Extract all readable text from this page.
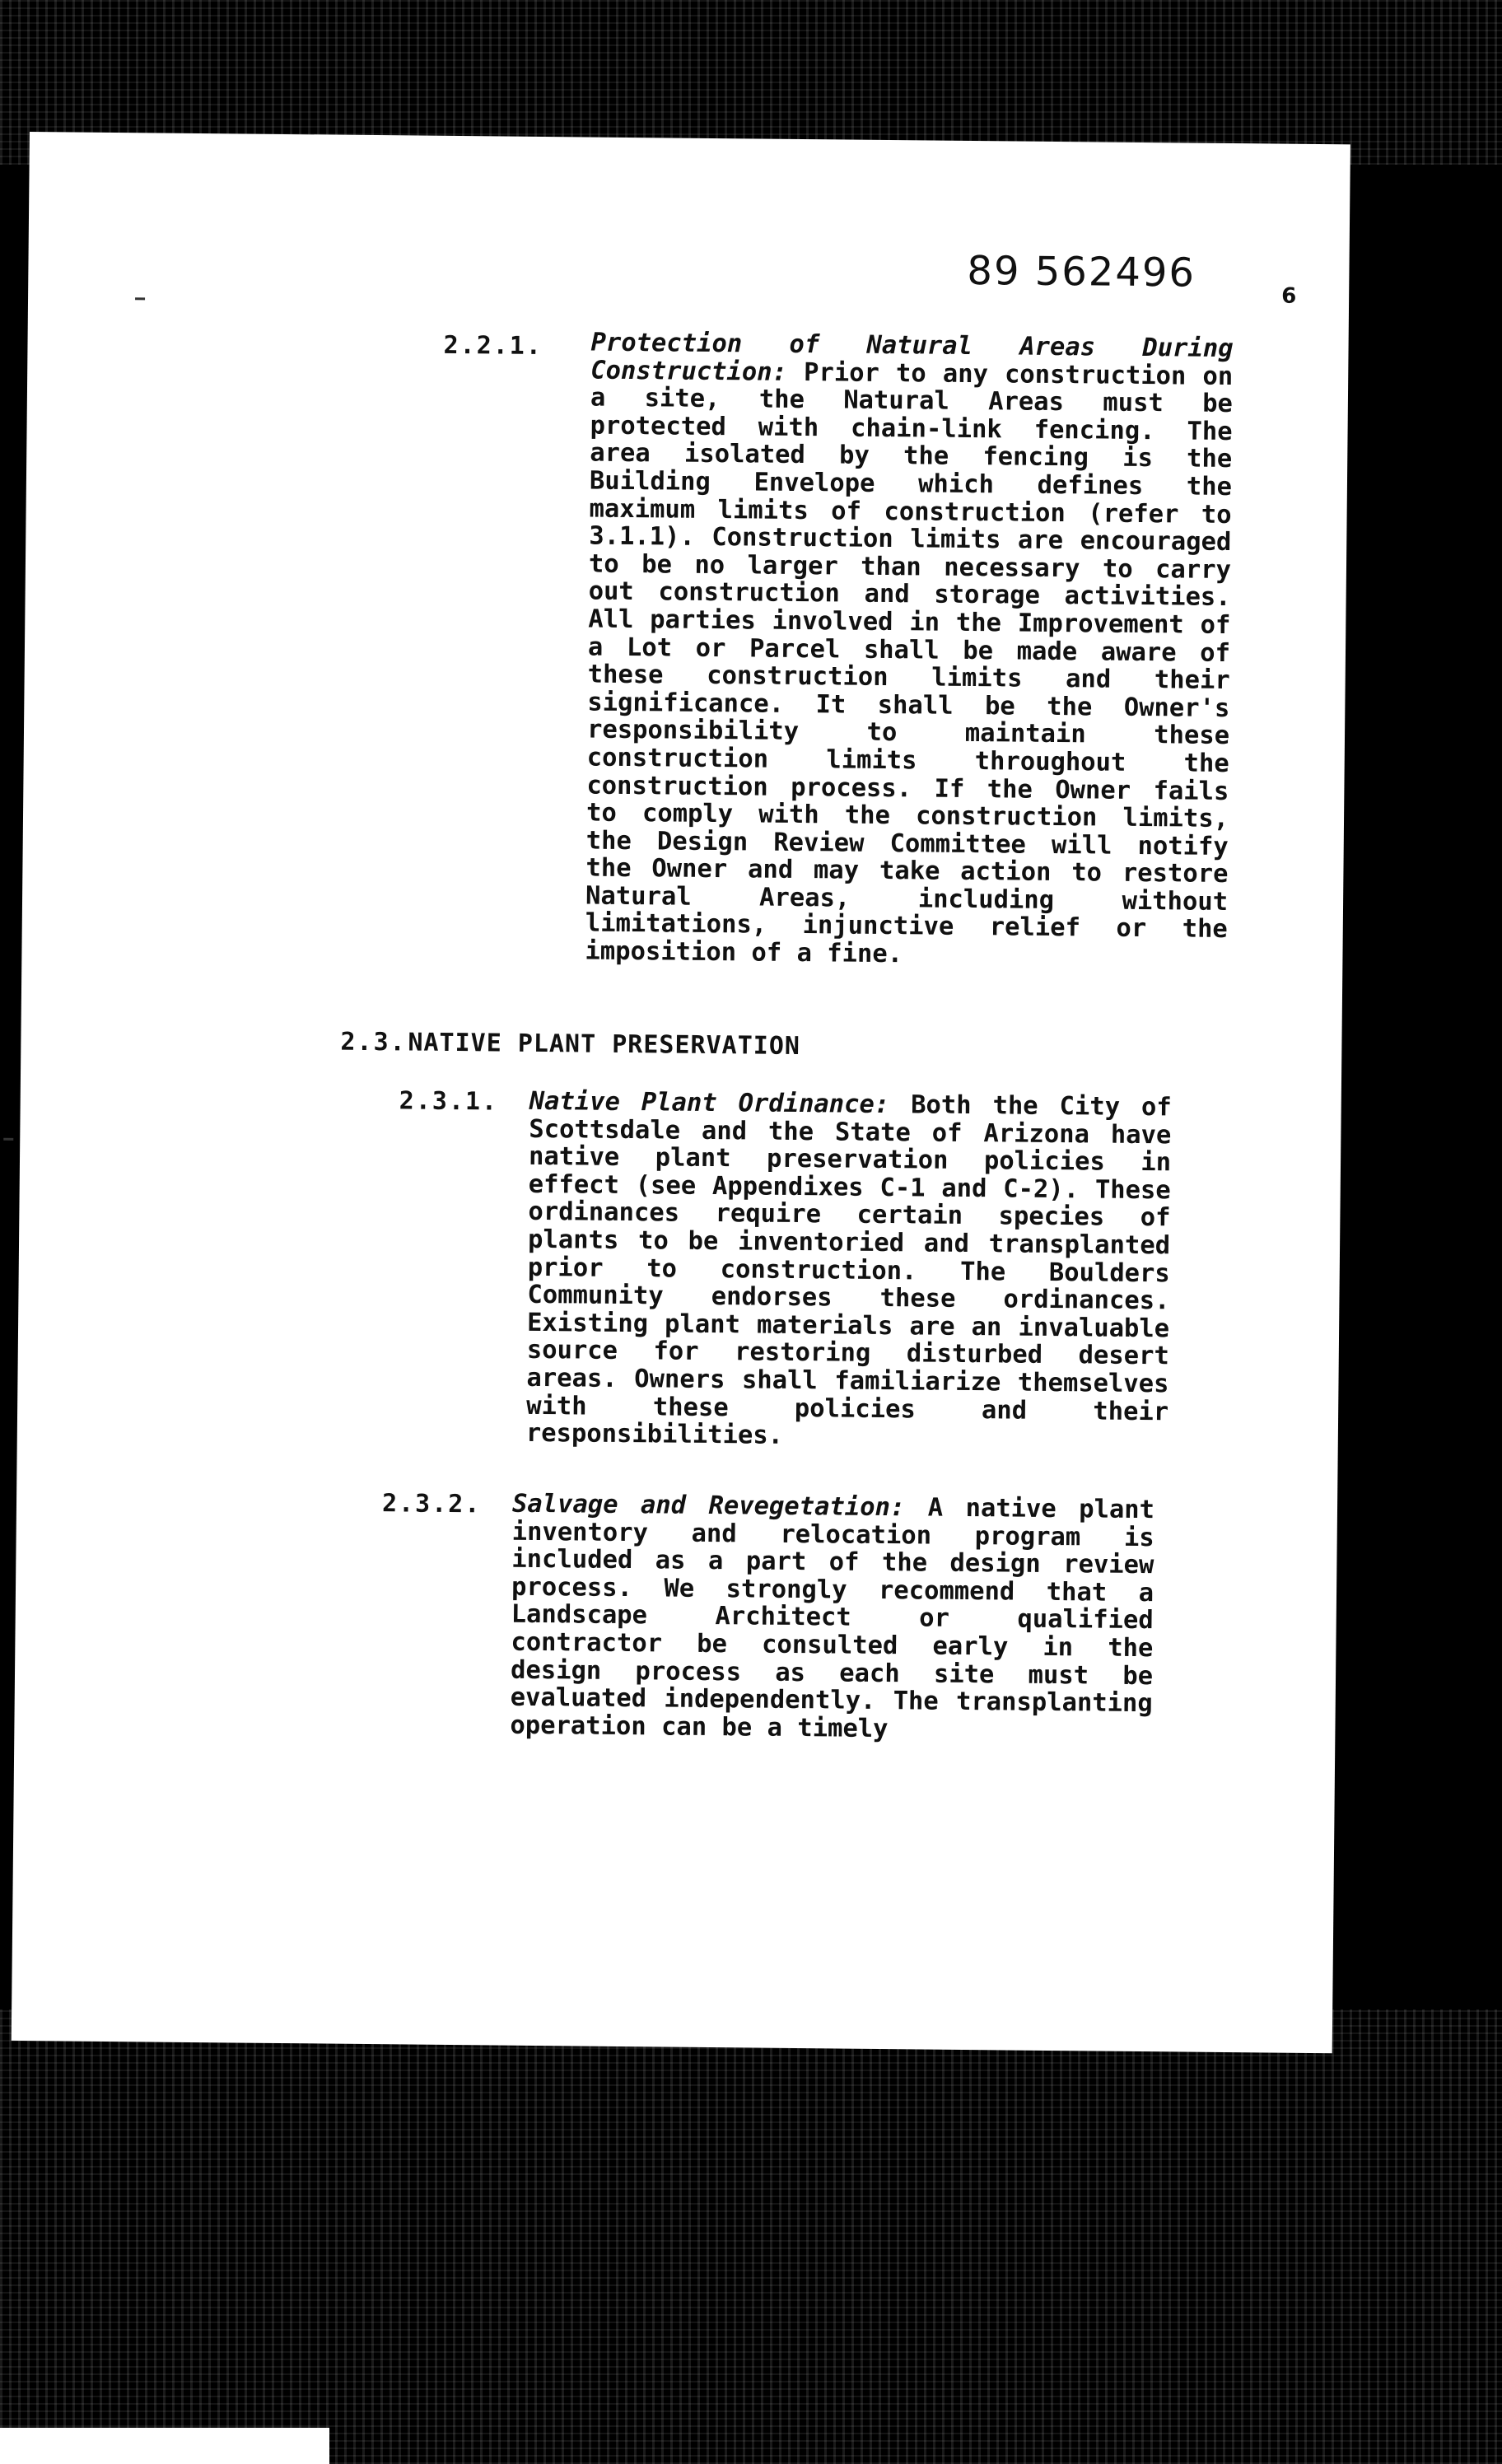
89 562496
6
2.2.1. Protection of Natural Areas During Construction: Prior to any construction on a site, the Natural Areas must be protected with chain-link fencing. The area isolated by the fencing is the Building Envelope which defines the maximum limits of construction (refer to 3.1.1). Construction limits are encouraged to be no larger than necessary to carry out construction and storage activities. All parties involved in the Improvement of a Lot or Parcel shall be made aware of these construction limits and their significance. It shall be the Owner's responsibility to maintain these construction limits throughout the construction process. If the Owner fails to comply with the construction limits, the Design Review Committee will notify the Owner and may take action to restore Natural Areas, including without limitations, injunctive relief or the imposition of a fine.
2.3. NATIVE PLANT PRESERVATION
2.3.1. Native Plant Ordinance: Both the City of Scottsdale and the State of Arizona have native plant preservation policies in effect (see Appendixes C-1 and C-2). These ordinances require certain species of plants to be inventoried and transplanted prior to construction. The Boulders Community endorses these ordinances. Existing plant materials are an invaluable source for restoring disturbed desert areas. Owners shall familiarize themselves with these policies and their responsibilities.
2.3.2. Salvage and Revegetation: A native plant inventory and relocation program is included as a part of the design review process. We strongly recommend that a Landscape Architect or qualified contractor be consulted early in the design process as each site must be evaluated independently. The transplanting operation can be a timely
